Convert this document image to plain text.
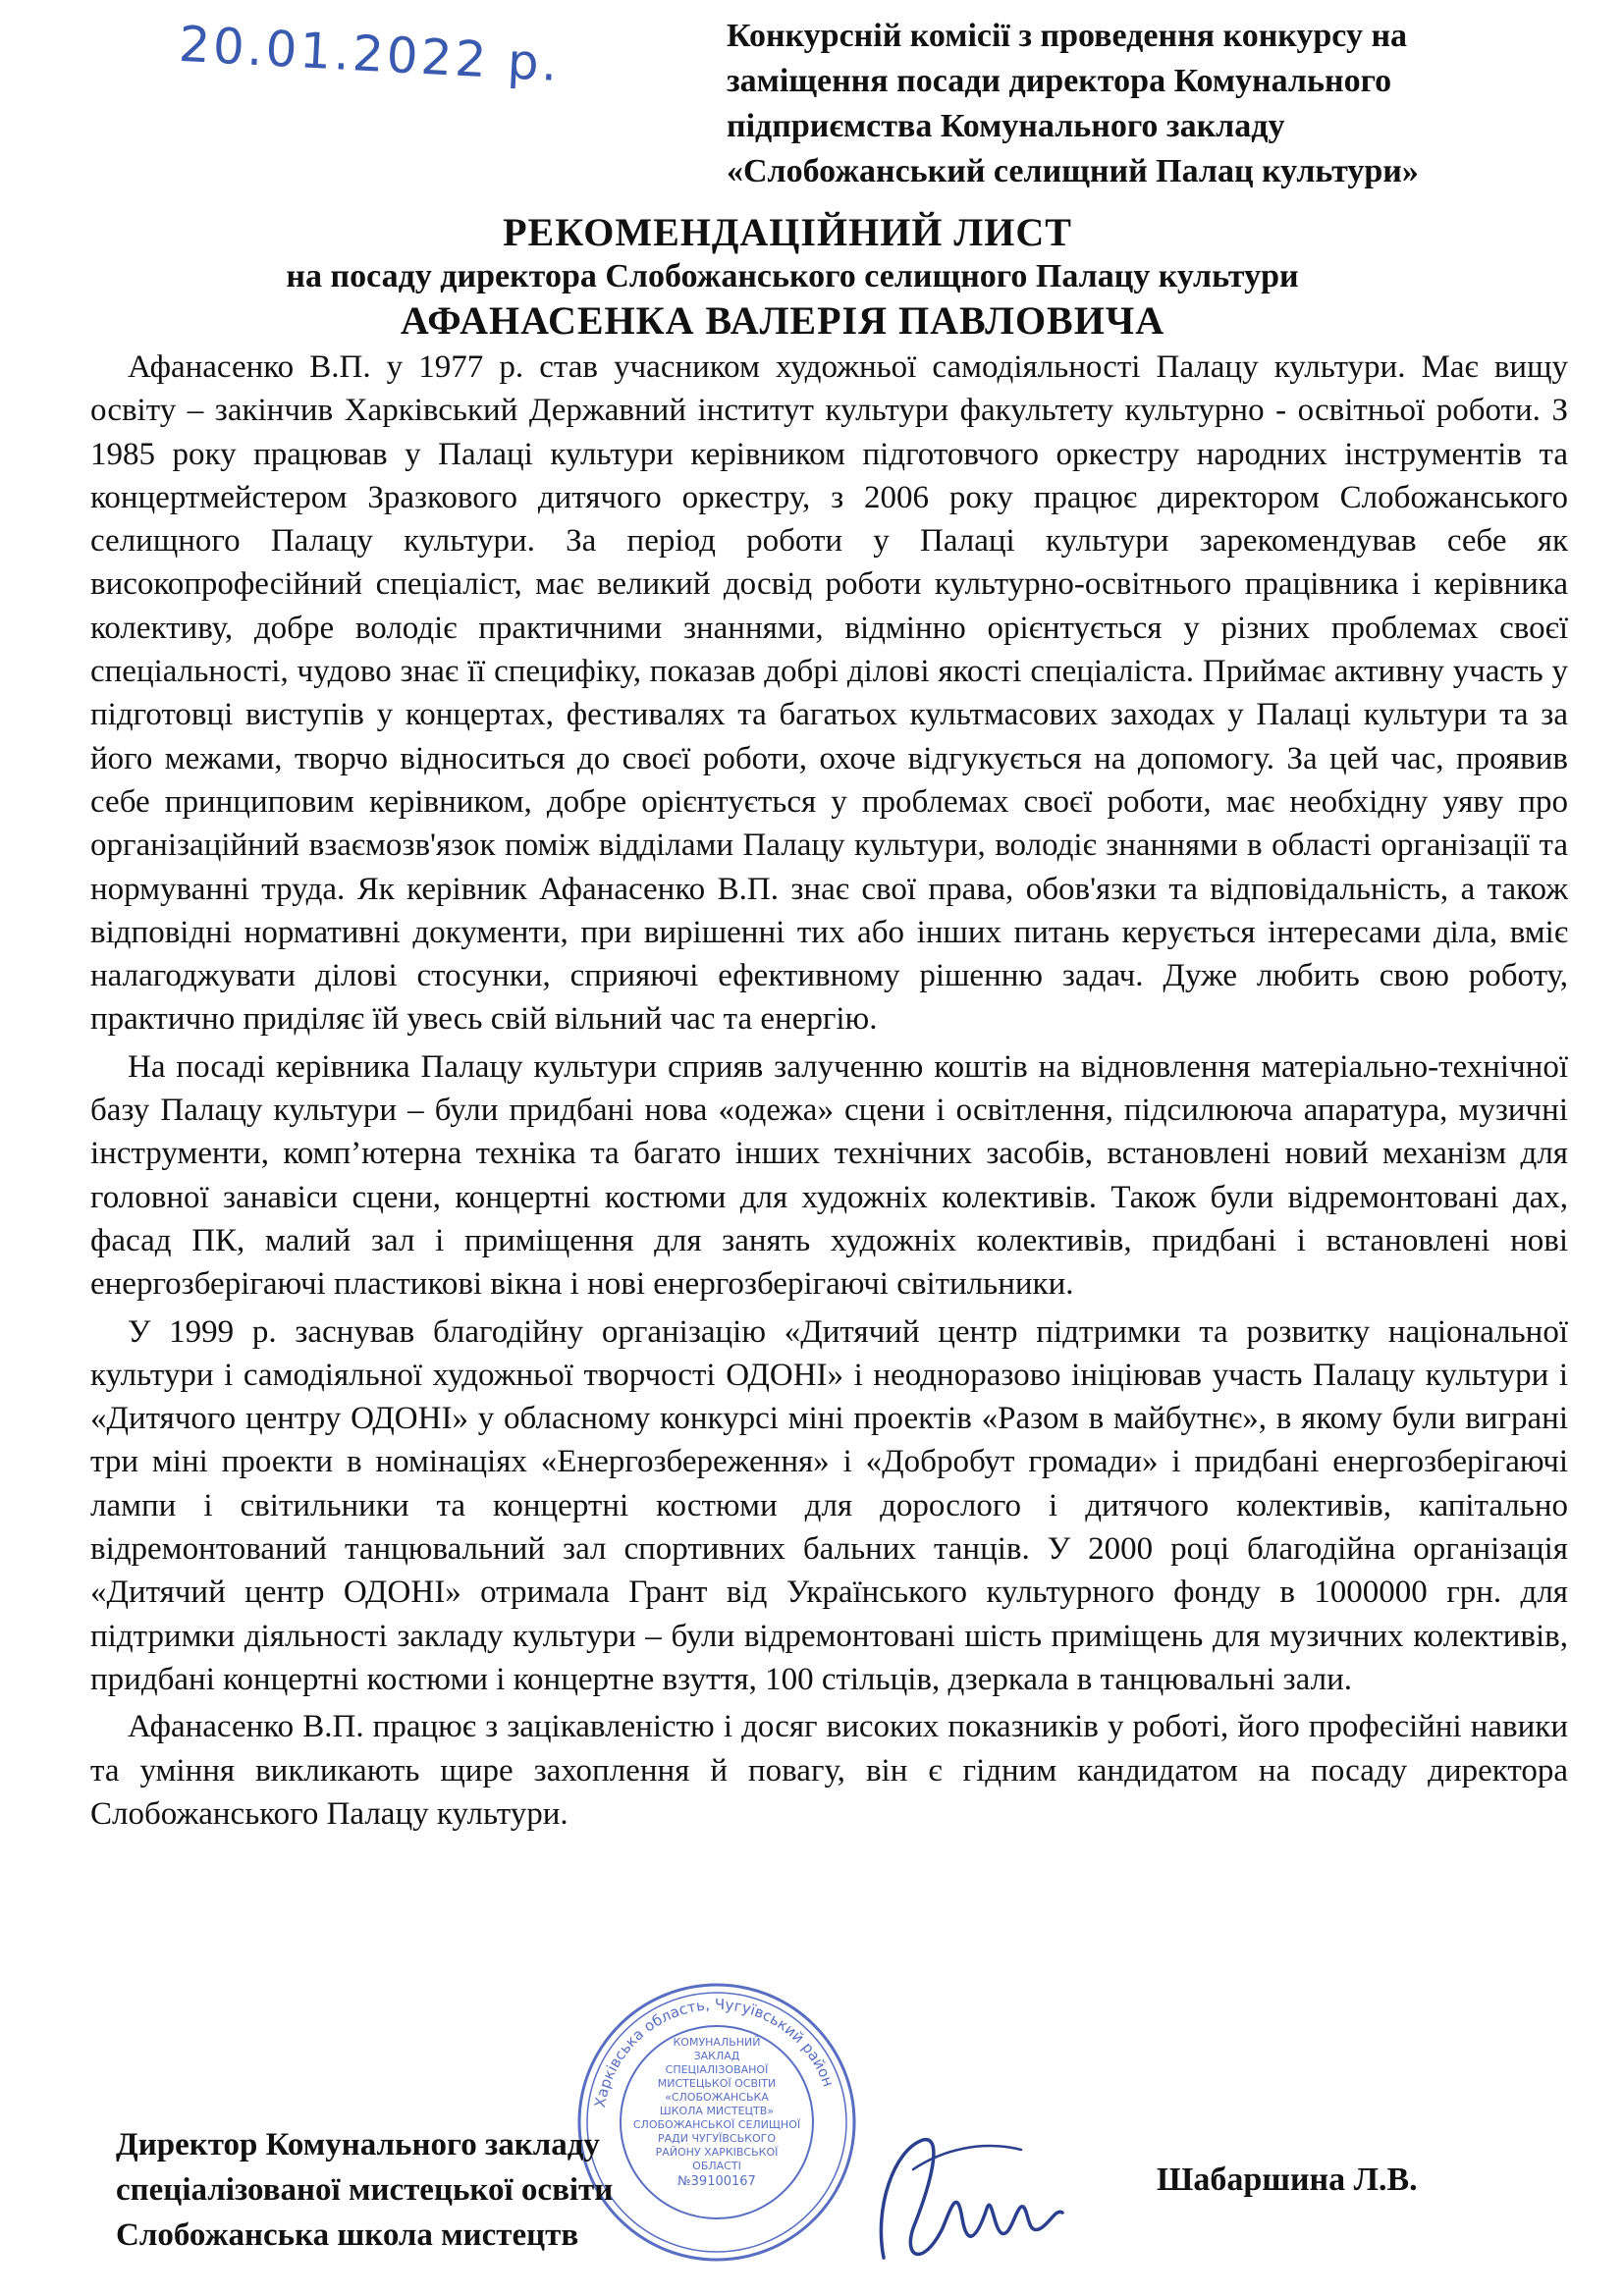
20.01.2022 р.	Конкурсній комісії з проведення конкурсу на
заміщення посади директора Комунального
підприємства Комунального закладу
«Слобожанський селищний Палац культури»
РЕКОМЕНДАЦІЙНИЙ ЛИСТ
на посаду директора Слобожанського селищного Палацу культури
АФАНАСЕНКА ВАЛЕРІЯ ПАВЛОВИЧА

Афанасенко В.П. у 1977 р. став учасником художньої самодіяльності Палацу культури. Має вищу освіту – закінчив Харківський Державний інститут культури факультету культурно - освітньої роботи. З 1985 року працював у Палаці культури керівником підготовчого оркестру народних інструментів та концертмейстером Зразкового дитячого оркестру, з 2006 року працює директором Слобожанського селищного Палацу культури. За період роботи у Палаці культури зарекомендував себе як високопрофесійний спеціаліст, має великий досвід роботи культурно-освітнього працівника і керівника колективу, добре володіє практичними знаннями, відмінно орієнтується у різних проблемах своєї спеціальності, чудово знає її специфіку, показав добрі ділові якості спеціаліста. Приймає активну участь у підготовці виступів у концертах, фестивалях та багатьох культмасових заходах у Палаці культури та за його межами, творчо відноситься до своєї роботи, охоче відгукується на допомогу. За цей час, проявив себе принциповим керівником, добре орієнтується у проблемах своєї роботи, має необхідну уяву про організаційний взаємозв'язок поміж відділами Палацу культури, володіє знаннями в області організації та нормуванні труда. Як керівник Афанасенко В.П. знає свої права, обов'язки та відповідальність, а також відповідні нормативні документи, при вирішенні тих або інших питань керується інтересами діла, вміє налагоджувати ділові стосунки, сприяючі ефективному рішенню задач. Дуже любить свою роботу, практично приділяє їй увесь свій вільний час та енергію.

На посаді керівника Палацу культури сприяв залученню коштів на відновлення матеріально-технічної базу Палацу культури – були придбані нова «одежа» сцени і освітлення, підсилююча апаратура, музичні інструменти, комп’ютерна техніка та багато інших технічних засобів, встановлені новий механізм для головної занавіси сцени, концертні костюми для художніх колективів. Також були відремонтовані дах, фасад ПК, малий зал і приміщення для занять художніх колективів, придбані і встановлені нові енергозберігаючі пластикові вікна і нові енергозберігаючі світильники.

У 1999 р. заснував благодійну організацію «Дитячий центр підтримки та розвитку національної культури і самодіяльної художньої творчості ОДОНІ» і неодноразово ініціював участь Палацу культури і «Дитячого центру ОДОНІ» у обласному конкурсі міні проектів «Разом в майбутнє», в якому були виграні три міні проекти в номінаціях «Енергозбереження» і «Добробут громади» і придбані енергозберігаючі лампи і світильники та концертні костюми для дорослого і дитячого колективів, капітально відремонтований танцювальний зал спортивних бальних танців. У 2000 році благодійна організація «Дитячий центр ОДОНІ» отримала Грант від Українського культурного фонду в 1000000 грн. для підтримки діяльності закладу культури – були відремонтовані шість приміщень для музичних колективів, придбані концертні костюми і концертне взуття, 100 стільців, дзеркала в танцювальні зали.

Афанасенко В.П. працює з зацікавленістю і досяг високих показників у роботі, його професійні навики та уміння викликають щире захоплення й повагу, він є гідним кандидатом на посаду директора Слобожанського Палацу культури.

Харківська область, Чугуївський район
КОМУНАЛЬНИЙ
ЗАКЛАД
СПЕЦІАЛІЗОВАНОЇ
МИСТЕЦЬКОЇ ОСВІТИ
«СЛОБОЖАНСЬКА
ШКОЛА МИСТЕЦТВ»
СЛОБОЖАНСЬКОЇ СЕЛИЩНОЇ
РАДИ ЧУГУЇВСЬКОГО
РАЙОНУ ХАРКІВСЬКОЇ
ОБЛАСТІ
№39100167
Директор Комунального закладу
спеціалізованої мистецької освіти
Слобожанська школа мистецтв
Шабаршина Л.В.
